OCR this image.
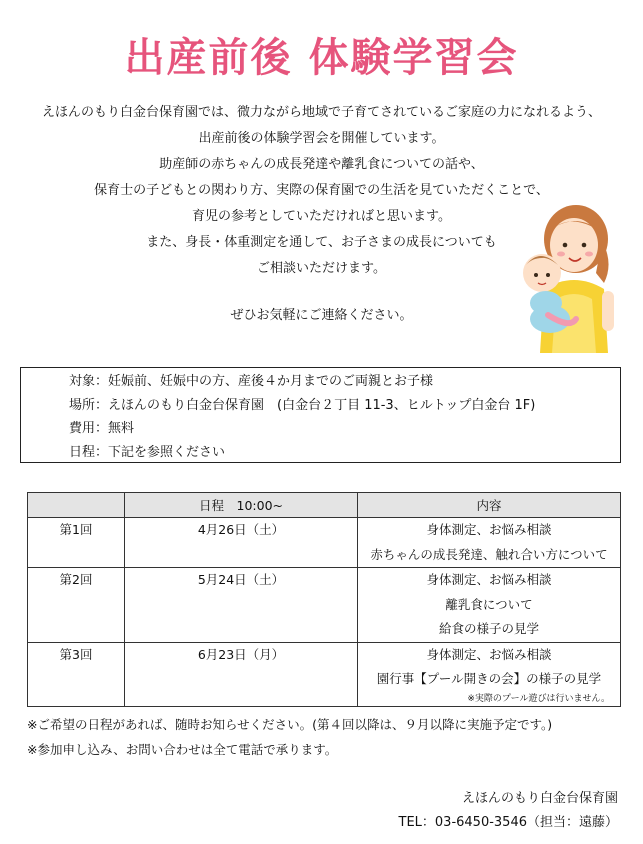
出産前後 体験学習会

えほんのもり白金台保育園では、微力ながら地域で子育てされているご家庭の力になれるよう、

出産前後の体験学習会を開催しています。

助産師の赤ちゃんの成長発達や離乳食についての話や、

保育士の子どもとの関わり方、実際の保育園での生活を見ていただくことで、

育児の参考としていただければと思います。

また、身長・体重測定を通して、お子さまの成長についても

ご相談いただけます。

ぜひお気軽にご連絡ください。

対象：妊娠前、妊娠中の方、産後４か月までのご両親とお子様
場所：えほんのもり白金台保育園　(白金台２丁目 11-3、ヒルトップ白金台 1F)
費用：無料
日程：下記を参照ください
	日程　10:00~	内容

第1回	4月26日（土）	身体測定、お悩み相談
赤ちゃんの成長発達、触れ合い方について

第2回	5月24日（土）	身体測定、お悩み相談
離乳食について
給食の様子の見学

第3回	6月23日（月）	身体測定、お悩み相談
園行事【プール開きの会】の様子の見学
※実際のプール遊びは行いません。
※ご希望の日程があれば、随時お知らせください。(第４回以降は、９月以降に実施予定です。)
※参加申し込み、お問い合わせは全て電話で承ります。
えほんのもり白金台保育園
TEL：03-6450-3546（担当：遠藤）
